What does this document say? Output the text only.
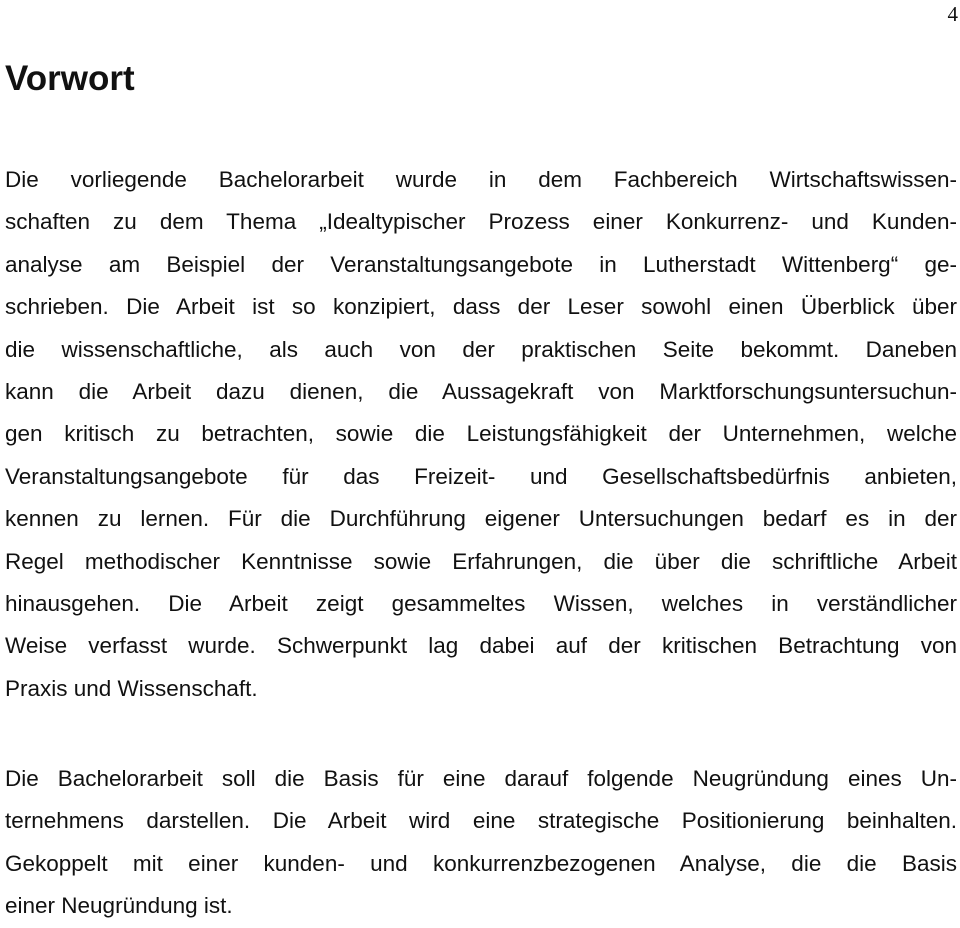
4
Vorwort
Die vorliegende Bachelorarbeit wurde in dem Fachbereich Wirtschaftswissen-
schaften zu dem Thema „Idealtypischer Prozess einer Konkurrenz- und Kunden-
analyse am Beispiel der Veranstaltungsangebote in Lutherstadt Wittenberg“ ge-
schrieben. Die Arbeit ist so konzipiert, dass der Leser sowohl einen Überblick über
die wissenschaftliche, als auch von der praktischen Seite bekommt. Daneben
kann die Arbeit dazu dienen, die Aussagekraft von Marktforschungsuntersuchun-
gen kritisch zu betrachten, sowie die Leistungsfähigkeit der Unternehmen, welche
Veranstaltungsangebote für das Freizeit- und Gesellschaftsbedürfnis anbieten,
kennen zu lernen. Für die Durchführung eigener Untersuchungen bedarf es in der
Regel methodischer Kenntnisse sowie Erfahrungen, die über die schriftliche Arbeit
hinausgehen. Die Arbeit zeigt gesammeltes Wissen, welches in verständlicher
Weise verfasst wurde. Schwerpunkt lag dabei auf der kritischen Betrachtung von
Praxis und Wissenschaft.
Die Bachelorarbeit soll die Basis für eine darauf folgende Neugründung eines Un-
ternehmens darstellen. Die Arbeit wird eine strategische Positionierung beinhalten.
Gekoppelt mit einer kunden- und konkurrenzbezogenen Analyse, die die Basis
einer Neugründung ist.
